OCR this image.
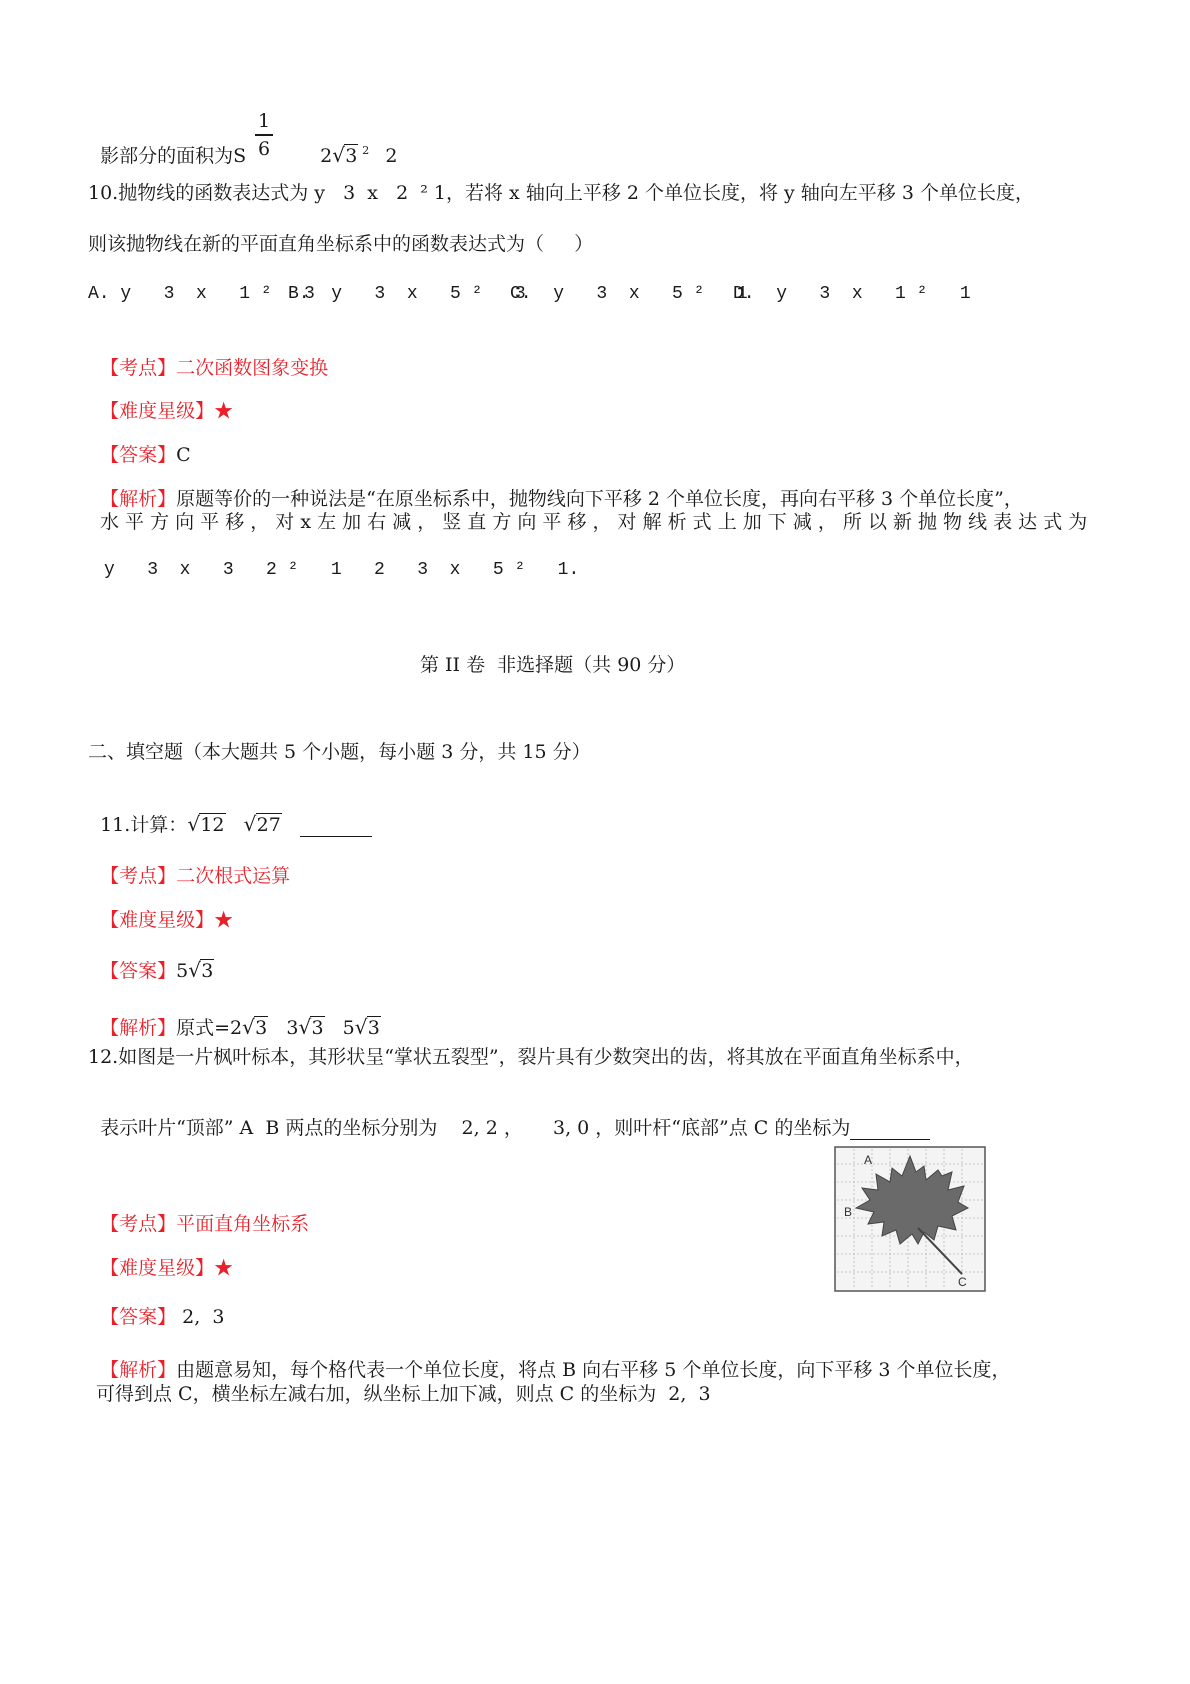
影部分的面积为S

1
6	2 √ 3 $^2$ 2

10.抛物线的函数表达式为 y   3  x   2  ² 1，若将 x 轴向上平移 2 个单位长度，将 y 轴向左平移 3 个单位长度，
则该抛物线在新的平面直角坐标系中的函数表达式为（     ）
A. y   3  x   1 ²   3
B.  y   3  x   5 ²   3
C.  y   3  x   5 ²   1
D.  y   3  x   1 ²   1

【考点】二次函数图象变换

【难度星级】★

【答案】C

【解析】原题等价的一种说法是“在原坐标系中，抛物线向下平移 2 个单位长度，再向右平移 3 个单位长度”，

水 平 方 向 平 移 ， 对 x 左 加 右 减 ， 竖 直 方 向 平 移 ， 对 解 析 式 上 加 下 减 ， 所 以 新 抛 物 线 表 达 式 为
y   3  x   3   2 ²   1   2   3  x   5 ²   1.
第 II 卷  非选择题（共 90 分）
二、填空题（本大题共 5 个小题，每小题 3 分，共 15 分）

11.计算： √ 12 √ 27

【考点】二次根式运算

【难度星级】★

【答案】5 √ 3

【解析】原式=2 √ 3 3 √ 3 5 √ 3

12.如图是一片枫叶标本，其形状呈“掌状五裂型”，裂片具有少数突出的齿，将其放在平面直角坐标系中，

表示叶片“顶部” A  B 两点的坐标分别为    2, 2 ，     3, 0 ，则叶杆“底部”点 C 的坐标为

A
B
C

【考点】平面直角坐标系

【难度星级】★

【答案】 2,  3

【解析】由题意易知，每个格代表一个单位长度，将点 B 向右平移 5 个单位长度，向下平移 3 个单位长度，

可得到点 C，横坐标左减右加，纵坐标上加下减，则点 C 的坐标为  2,  3
